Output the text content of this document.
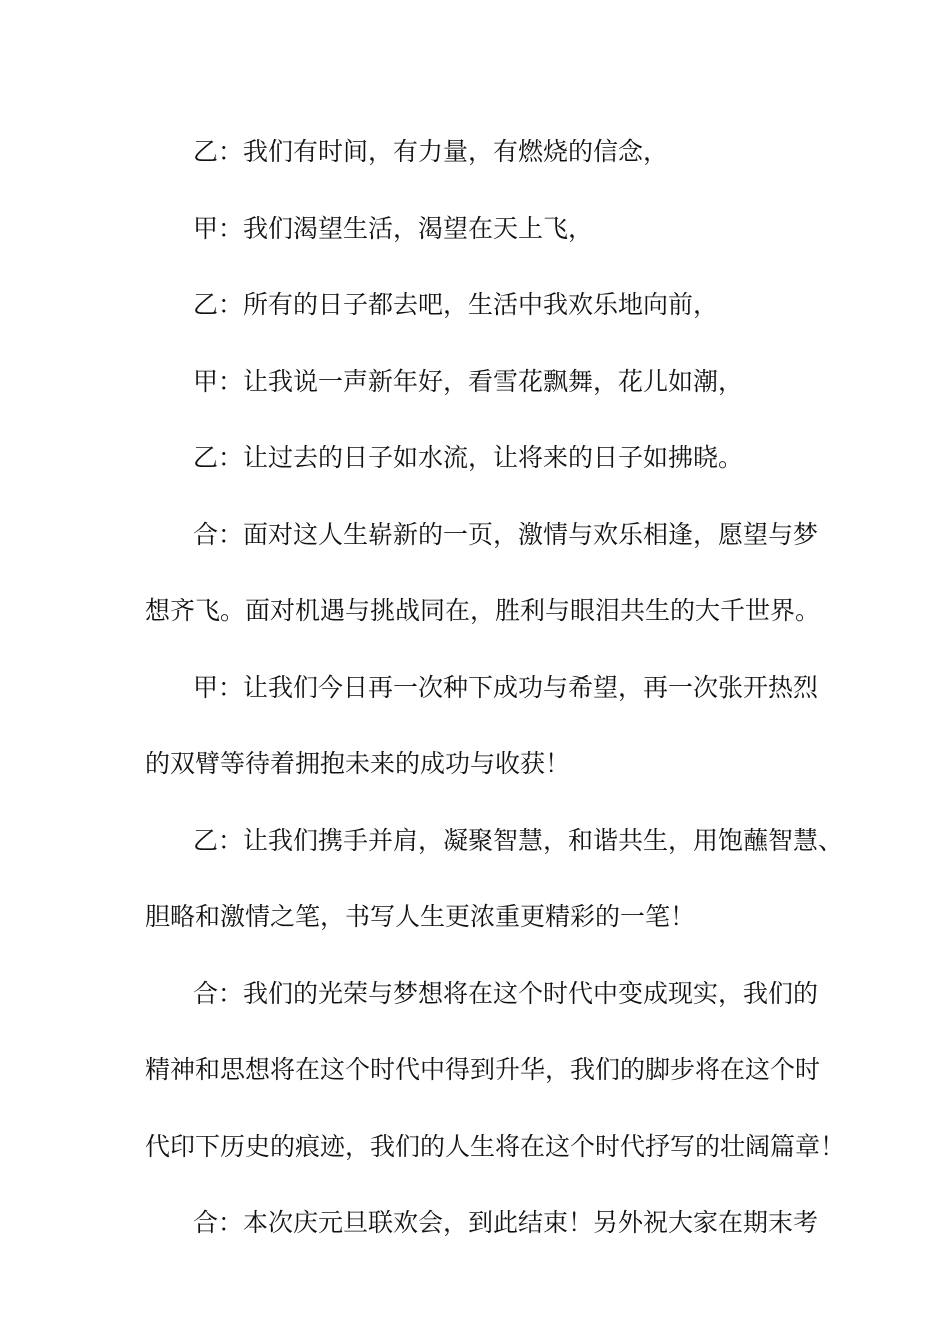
乙：我们有时间，有力量，有燃烧的信念，
甲：我们渴望生活，渴望在天上飞，
乙：所有的日子都去吧，生活中我欢乐地向前，
甲：让我说一声新年好，看雪花飘舞，花儿如潮，
乙：让过去的日子如水流，让将来的日子如拂晓。
合：面对这人生崭新的一页，激情与欢乐相逢，愿望与梦
想齐飞。面对机遇与挑战同在，胜利与眼泪共生的大千世界。
甲：让我们今日再一次种下成功与希望，再一次张开热烈
的双臂等待着拥抱未来的成功与收获！
乙：让我们携手并肩，凝聚智慧，和谐共生，用饱蘸智慧、
胆略和激情之笔，书写人生更浓重更精彩的一笔！
合：我们的光荣与梦想将在这个时代中变成现实，我们的
精神和思想将在这个时代中得到升华，我们的脚步将在这个时
代印下历史的痕迹，我们的人生将在这个时代抒写的壮阔篇章！
合：本次庆元旦联欢会，到此结束！另外祝大家在期末考
